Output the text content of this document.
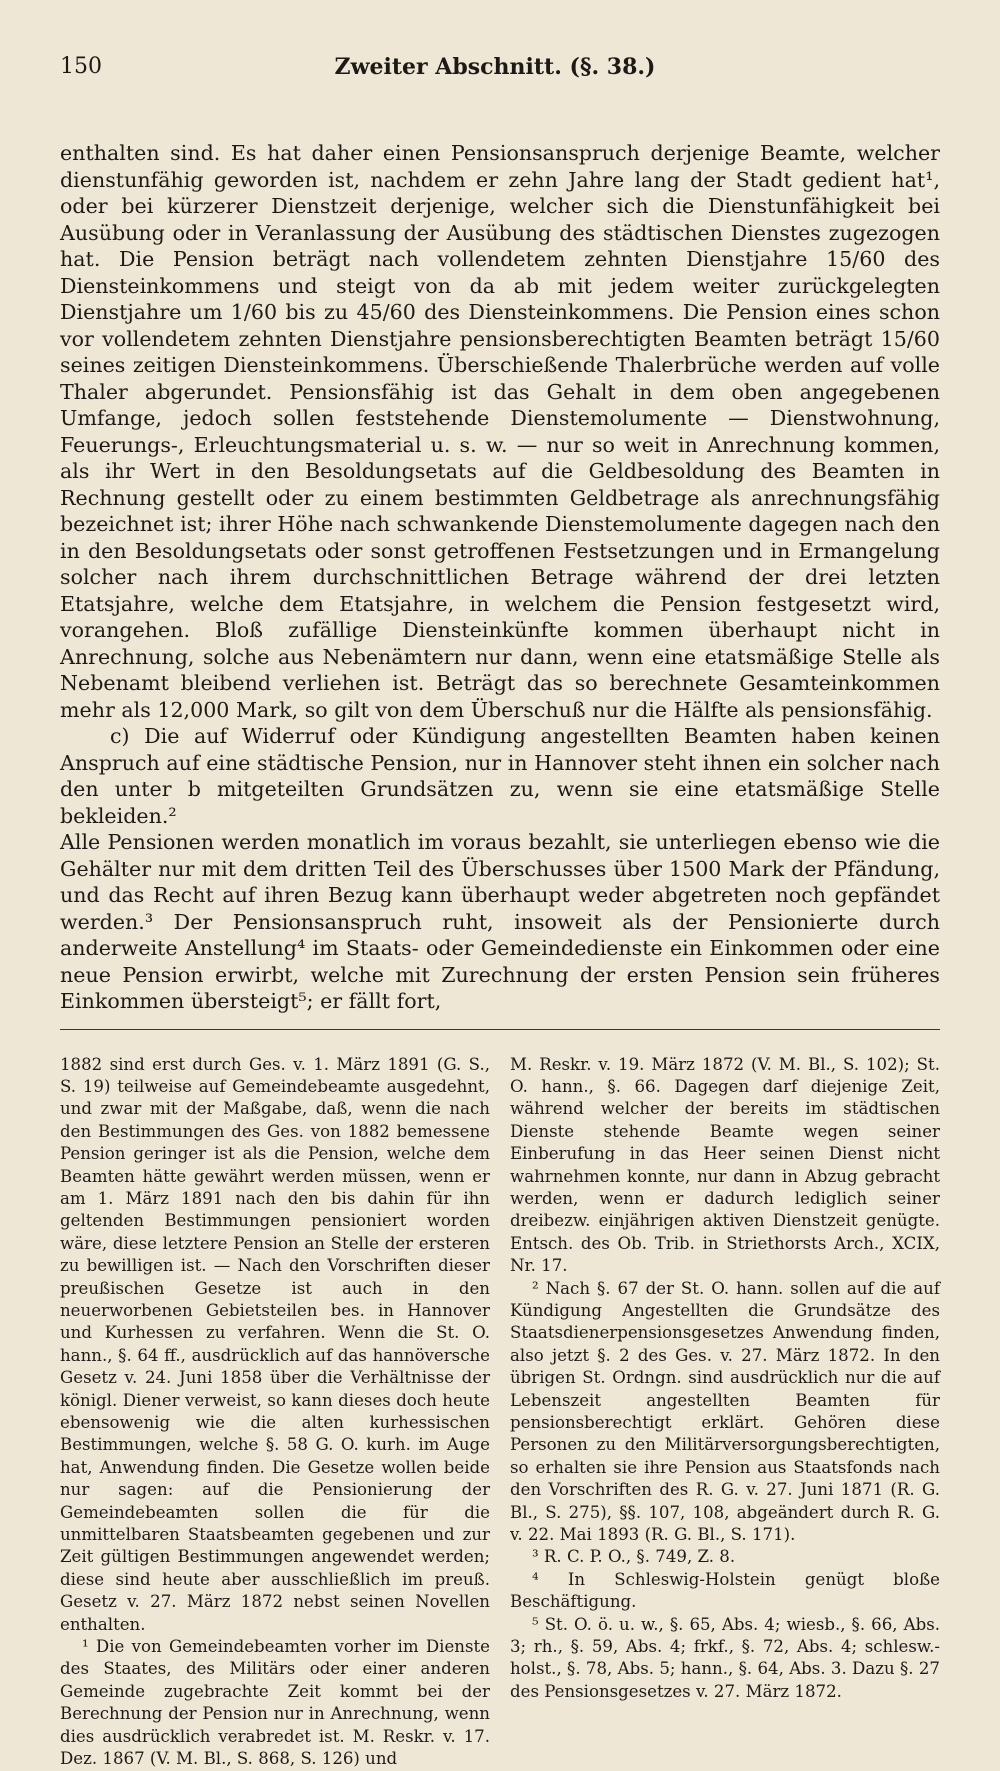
150	Zweiter Abschnitt. (§. 38.)

enthalten sind. Es hat daher einen Pensionsanspruch derjenige Beamte, welcher dienstunfähig geworden ist, nachdem er zehn Jahre lang der Stadt gedient hat¹, oder bei kürzerer Dienstzeit derjenige, welcher sich die Dienstunfähigkeit bei Ausübung oder in Veranlassung der Ausübung des städtischen Dienstes zugezogen hat. Die Pension beträgt nach vollendetem zehnten Dienstjahre 15/60 des Diensteinkommens und steigt von da ab mit jedem weiter zurückgelegten Dienstjahre um 1/60 bis zu 45/60 des Diensteinkommens. Die Pension eines schon vor vollendetem zehnten Dienstjahre pensionsberechtigten Beamten beträgt 15/60 seines zeitigen Diensteinkommens. Überschießende Thalerbrüche werden auf volle Thaler abgerundet. Pensionsfähig ist das Gehalt in dem oben angegebenen Umfange, jedoch sollen feststehende Dienstemolumente — Dienstwohnung, Feuerungs-, Erleuchtungsmaterial u. s. w. — nur so weit in Anrechnung kommen, als ihr Wert in den Besoldungsetats auf die Geldbesoldung des Beamten in Rechnung gestellt oder zu einem bestimmten Geldbetrage als anrechnungsfähig bezeichnet ist; ihrer Höhe nach schwankende Dienstemolumente dagegen nach den in den Besoldungsetats oder sonst getroffenen Festsetzungen und in Ermangelung solcher nach ihrem durchschnittlichen Betrage während der drei letzten Etatsjahre, welche dem Etatsjahre, in welchem die Pension festgesetzt wird, vorangehen. Bloß zufällige Diensteinkünfte kommen überhaupt nicht in Anrechnung, solche aus Nebenämtern nur dann, wenn eine etatsmäßige Stelle als Nebenamt bleibend verliehen ist. Beträgt das so berechnete Gesamteinkommen mehr als 12,000 Mark, so gilt von dem Überschuß nur die Hälfte als pensionsfähig.

c) Die auf Widerruf oder Kündigung angestellten Beamten haben keinen Anspruch auf eine städtische Pension, nur in Hannover steht ihnen ein solcher nach den unter b mitgeteilten Grundsätzen zu, wenn sie eine etatsmäßige Stelle bekleiden.²

Alle Pensionen werden monatlich im voraus bezahlt, sie unterliegen ebenso wie die Gehälter nur mit dem dritten Teil des Überschusses über 1500 Mark der Pfändung, und das Recht auf ihren Bezug kann überhaupt weder abgetreten noch gepfändet werden.³ Der Pensionsanspruch ruht, insoweit als der Pensionierte durch anderweite Anstellung⁴ im Staats- oder Gemeindedienste ein Einkommen oder eine neue Pension erwirbt, welche mit Zurechnung der ersten Pension sein früheres Einkommen übersteigt⁵; er fällt fort,

1882 sind erst durch Ges. v. 1. März 1891 (G. S., S. 19) teilweise auf Gemeindebeamte ausgedehnt, und zwar mit der Maßgabe, daß, wenn die nach den Bestimmungen des Ges. von 1882 bemessene Pension geringer ist als die Pension, welche dem Beamten hätte gewährt werden müssen, wenn er am 1. März 1891 nach den bis dahin für ihn geltenden Bestimmungen pensioniert worden wäre, diese letztere Pension an Stelle der ersteren zu bewilligen ist. — Nach den Vorschriften dieser preußischen Gesetze ist auch in den neuerworbenen Gebietsteilen bes. in Hannover und Kurhessen zu verfahren. Wenn die St. O. hann., §. 64 ff., ausdrücklich auf das hannöversche Gesetz v. 24. Juni 1858 über die Verhältnisse der königl. Diener verweist, so kann dieses doch heute ebensowenig wie die alten kurhessischen Bestimmungen, welche §. 58 G. O. kurh. im Auge hat, Anwendung finden. Die Gesetze wollen beide nur sagen: auf die Pensionierung der Gemeindebeamten sollen die für die unmittelbaren Staatsbeamten gegebenen und zur Zeit gültigen Bestimmungen angewendet werden; diese sind heute aber ausschließlich im preuß. Gesetz v. 27. März 1872 nebst seinen Novellen enthalten.

¹ Die von Gemeindebeamten vorher im Dienste des Staates, des Militärs oder einer anderen Gemeinde zugebrachte Zeit kommt bei der Berechnung der Pension nur in Anrechnung, wenn dies ausdrücklich verabredet ist. M. Reskr. v. 17. Dez. 1867 (V. M. Bl., S. 868, S. 126) und

M. Reskr. v. 19. März 1872 (V. M. Bl., S. 102); St. O. hann., §. 66. Dagegen darf diejenige Zeit, während welcher der bereits im städtischen Dienste stehende Beamte wegen seiner Einberufung in das Heer seinen Dienst nicht wahrnehmen konnte, nur dann in Abzug gebracht werden, wenn er dadurch lediglich seiner dreibezw. einjährigen aktiven Dienstzeit genügte. Entsch. des Ob. Trib. in Striethorsts Arch., XCIX, Nr. 17.

² Nach §. 67 der St. O. hann. sollen auf die auf Kündigung Angestellten die Grundsätze des Staatsdienerpensionsgesetzes Anwendung finden, also jetzt §. 2 des Ges. v. 27. März 1872. In den übrigen St. Ordngn. sind ausdrücklich nur die auf Lebenszeit angestellten Beamten für pensionsberechtigt erklärt. Gehören diese Personen zu den Militärversorgungsberechtigten, so erhalten sie ihre Pension aus Staatsfonds nach den Vorschriften des R. G. v. 27. Juni 1871 (R. G. Bl., S. 275), §§. 107, 108, abgeändert durch R. G. v. 22. Mai 1893 (R. G. Bl., S. 171).

³ R. C. P. O., §. 749, Z. 8.

⁴ In Schleswig-Holstein genügt bloße Beschäftigung.

⁵ St. O. ö. u. w., §. 65, Abs. 4; wiesb., §. 66, Abs. 3; rh., §. 59, Abs. 4; frkf., §. 72, Abs. 4; schlesw.-holst., §. 78, Abs. 5; hann., §. 64, Abs. 3. Dazu §. 27 des Pensionsgesetzes v. 27. März 1872.
